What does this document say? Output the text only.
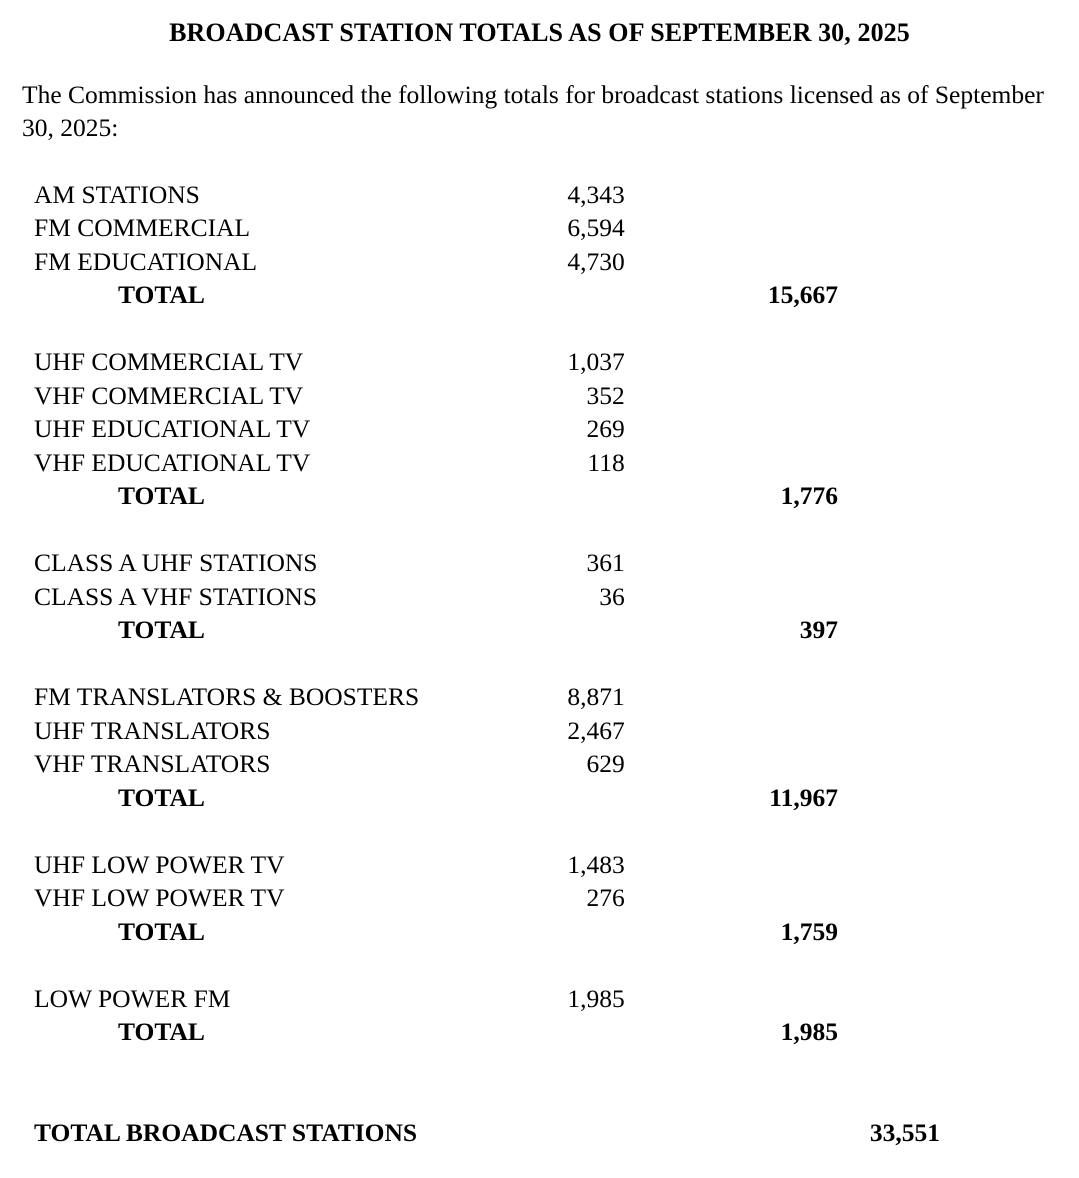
BROADCAST STATION TOTALS AS OF SEPTEMBER 30, 2025

The Commission has announced the following totals for broadcast stations licensed as of September 30, 2025:

AM STATIONS	4,343	
FM COMMERCIAL	6,594	
FM EDUCATIONAL	4,730	
TOTAL		15,667

UHF COMMERCIAL TV	1,037	
VHF COMMERCIAL TV	352	
UHF EDUCATIONAL TV	269	
VHF EDUCATIONAL TV	118	
TOTAL		1,776

CLASS A UHF STATIONS	361	
CLASS A VHF STATIONS	36	
TOTAL		397

FM TRANSLATORS & BOOSTERS	8,871	
UHF TRANSLATORS	2,467	
VHF TRANSLATORS	629	
TOTAL		11,967

UHF LOW POWER TV	1,483	
VHF LOW POWER TV	276	
TOTAL		1,759

LOW POWER FM	1,985	
TOTAL		1,985

TOTAL BROADCAST STATIONS		33,551
